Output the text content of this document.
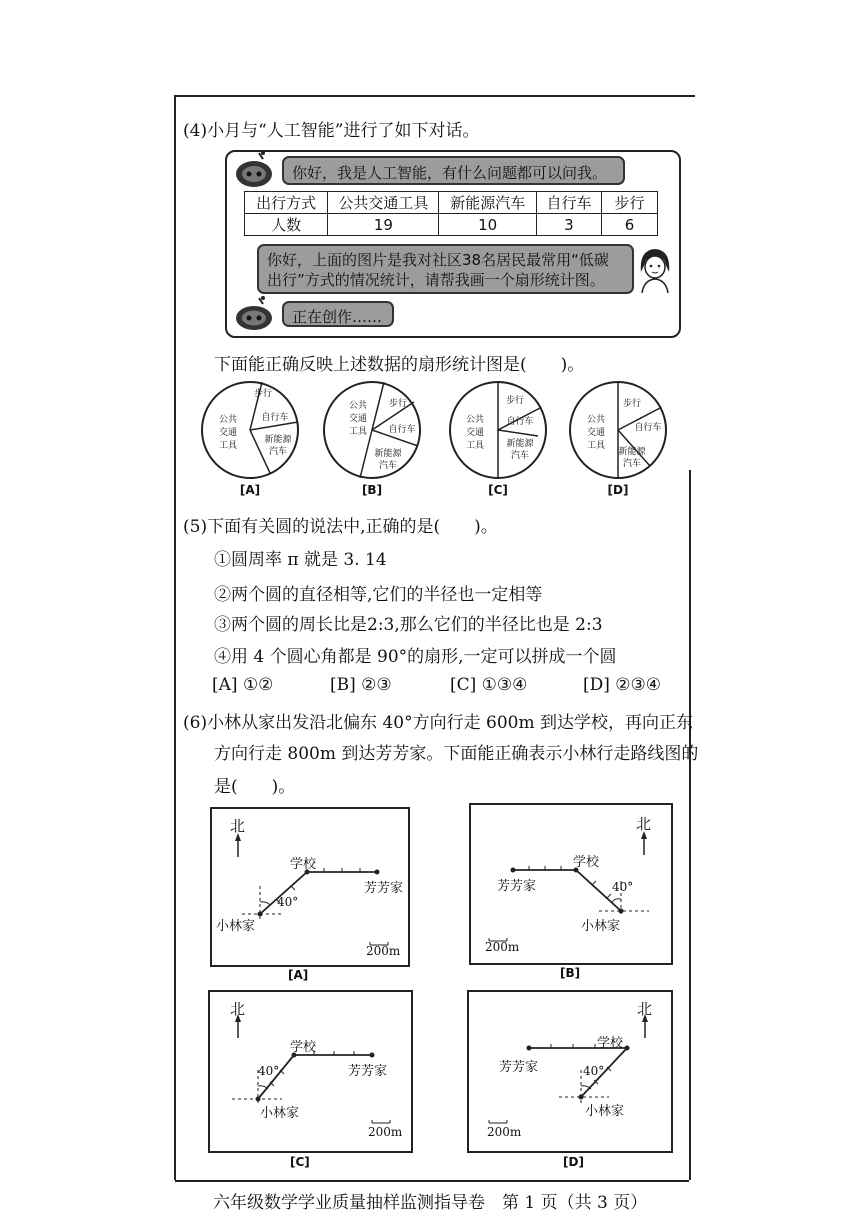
(4)小月与“人工智能”进行了如下对话。
你好，我是人工智能，有什么问题都可以问我。
出行方式	公共交通工具	新能源汽车	自行车	步行
人数	19	10	3	6
你好，上面的图片是我对社区38名居民最常用“低碳
出行”方式的情况统计，请帮我画一个扇形统计图。
正在创作……
下面能正确反映上述数据的扇形统计图是(　　)。
公共
交通
工具
步行
自行车
新能源
汽车
公共
交通
工具
步行
自行车
新能源
汽车
公共
交通
工具
步行
自行车
新能源
汽车
公共
交通
工具
步行
自行车
新能源
汽车
[A]	[B]	[C]	[D]
(5)下面有关圆的说法中,正确的是(　　)。
①圆周率 π 就是 3. 14
②两个圆的直径相等,它们的半径也一定相等
③两个圆的周长比是2:3,那么它们的半径比也是 2:3
④用 4 个圆心角都是 90°的扇形,一定可以拼成一个圆
[A] ①②	[B] ②③	[C] ①③④	[D] ②③④
(6)小林从家出发沿北偏东 40°方向行走 600m 到达学校，再向正东
方向行走 800m 到达芳芳家。下面能正确表示小林行走路线图的
是(　　)。
北
学校
芳芳家
40°
小林家
200m
[A]
北
学校
芳芳家	40°
小林家
200m
[B]
北
学校
芳芳家
40°
小林家
200m
[C]
北
学校
芳芳家	40°
小林家
200m
[D]
六年级数学学业质量抽样监测指导卷　第 1 页（共 3 页）
